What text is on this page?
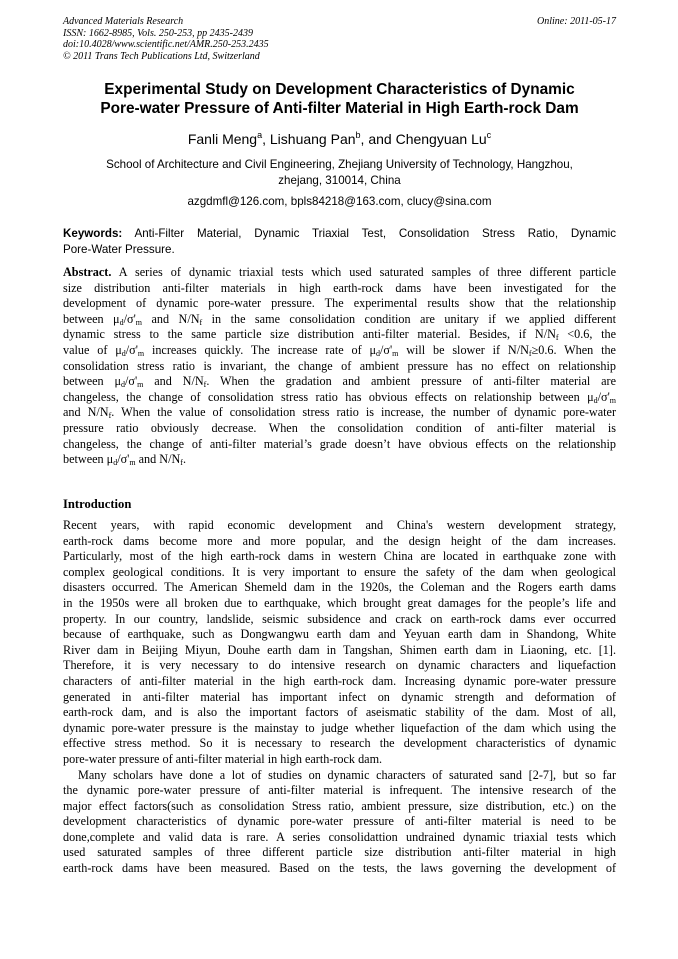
Advanced Materials Research
ISSN: 1662-8985, Vols. 250-253, pp 2435-2439
doi:10.4028/www.scientific.net/AMR.250-253.2435
© 2011 Trans Tech Publications Ltd, Switzerland
Online: 2011-05-17
Experimental Study on Development Characteristics of Dynamic
Pore-water Pressure of Anti-filter Material in High Earth-rock Dam
Fanli Meng$^a$, Lishuang Pan$^b$, and Chengyuan Lu$^c$
School of Architecture and Civil Engineering, Zhejiang University of Technology, Hangzhou,
zhejang, 310014, China
azgdmfl@126.com, bpls84218@163.com, clucy@sina.com
Keywords: Anti-Filter Material, Dynamic Triaxial Test, Consolidation Stress Ratio, Dynamic
Pore-Water Pressure.
Abstract. A series of dynamic triaxial tests which used saturated samples of three different particle
size distribution anti-filter materials in high earth-rock dams have been investigated for the
development of dynamic pore-water pressure. The experimental results show that the relationship
between $\mu_d/\sigma'_m$ and $N/N_f$ in the same consolidation condition are unitary if we applied different
dynamic stress to the same particle size distribution anti-filter material. Besides, if $N/N_f <0.6$, the
value of $\mu_d/\sigma'_m$ increases quickly. The increase rate of $\mu_d/\sigma'_m$ will be slower if $N/N_f\ge 0.6$. When the
consolidation stress ratio is invariant, the change of ambient pressure has no effect on relationship
between $\mu_d/\sigma'_m$ and $N/N_f$. When the gradation and ambient pressure of anti-filter material are
changeless, the change of consolidation stress ratio has obvious effects on relationship between $\mu_d/\sigma'_m$
and $N/N_f$. When the value of consolidation stress ratio is increase, the number of dynamic pore-water
pressure ratio obviously decrease. When the consolidation condition of anti-filter material is
changeless, the change of anti-filter material’s grade doesn’t have obvious effects on the relationship
between $\mu_d/\sigma'_m$ and $N/N_f$.
Introduction

Recent years, with rapid economic development and China's western development strategy,
earth-rock dams become more and more popular, and the design height of the dam increases.
Particularly, most of the high earth-rock dams in western China are located in earthquake zone with
complex geological conditions. It is very important to ensure the safety of the dam when geological
disasters occurred. The American Shemeld dam in the 1920s, the Coleman and the Rogers earth dams
in the 1950s were all broken due to earthquake, which brought great damages for the people’s life and
property. In our country, landslide, seismic subsidence and crack on earth-rock dams ever occurred
because of earthquake, such as Dongwangwu earth dam and Yeyuan earth dam in Shandong, White
River dam in Beijing Miyun, Douhe earth dam in Tangshan, Shimen earth dam in Liaoning, etc. [1].
Therefore, it is very necessary to do intensive research on dynamic characters and liquefaction
characters of anti-filter material in the high earth-rock dam. Increasing dynamic pore-water pressure
generated in anti-filter material has important infect on dynamic strength and deformation of
earth-rock dam, and is also the important factors of aseismatic stability of the dam. Most of all,
dynamic pore-water pressure is the mainstay to judge whether liquefaction of the dam which using the
effective stress method. So it is necessary to research the development characteristics of dynamic
pore-water pressure of anti-filter material in high earth-rock dam.

Many scholars have done a lot of studies on dynamic characters of saturated sand [2-7], but so far
the dynamic pore-water pressure of anti-filter material is infrequent. The intensive research of the
major effect factors(such as consolidation Stress ratio, ambient pressure, size distribution, etc.) on the
development characteristics of dynamic pore-water pressure of anti-filter material is need to be
done,complete and valid data is rare. A series consolidattion undrained dynamic triaxial tests which
used saturated samples of three different particle size distribution anti-filter material in high
earth-rock dams have been measured. Based on the tests, the laws governing the development of
